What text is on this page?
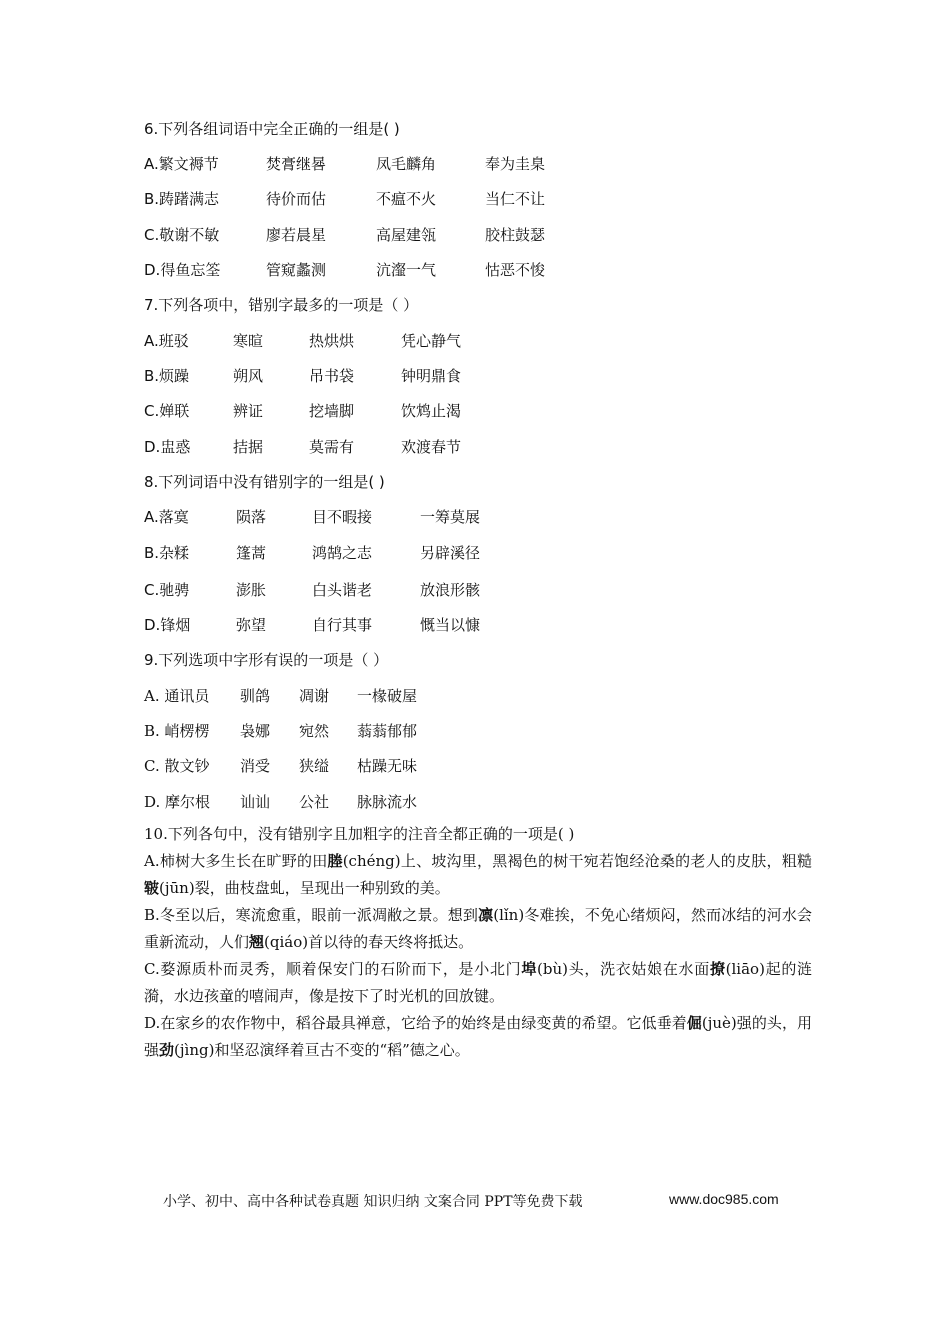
6.下列各组词语中完全正确的一组是( )
A.繁文褥节	焚膏继晷	凤毛麟角	奉为圭臬
B.踌躇满志	待价而估	不瘟不火	当仁不让
C.敬谢不敏	廖若晨星	高屋建瓴	胶柱鼓瑟
D.得鱼忘筌	管窥蠡测	沆瀣一气	怙恶不悛
7.下列各项中，错别字最多的一项是（ ）
A.班驳	寒暄	热烘烘	凭心静气
B.烦躁	朔风	吊书袋	钟明鼎食
C.婵联	辨证	挖墙脚	饮鸩止渴
D.盅惑	拮据	莫需有	欢渡春节
8.下列词语中没有错别字的一组是( )
A.落寞	陨落	目不暇接	一筹莫展
B.杂糅	篷蒿	鸿鹄之志	另辟溪径
C.驰骋	澎胀	白头谐老	放浪形骸
D.锋烟	弥望	自行其事	慨当以慷
9.下列选项中字形有误的一项是（ ）
A. 通讯员 驯鸽 凋谢 一椽破屋
B. 峭楞楞 袅娜 宛然 蓊蓊郁郁
C. 散文钞 消受 狭缢 枯躁无味
D. 摩尔根 讪讪 公社 脉脉流水

10.下列各句中，没有错别字且加粗字的注音全都正确的一项是( )

A.柿树大多生长在旷野的田塍(chéng)上、坡沟里，黑褐色的树干宛若饱经沧桑的老人的皮肤，粗糙皲(jūn)裂，曲枝盘虬，呈现出一种别致的美。

B.冬至以后，寒流愈重，眼前一派凋敝之景。想到凛(lǐn)冬难挨，不免心绪烦闷，然而冰结的河水会重新流动，人们翘(qiáo)首以待的春天终将抵达。

C.婺源质朴而灵秀，顺着保安门的石阶而下，是小北门埠(bù)头，洗衣姑娘在水面撩(liāo)起的涟漪，水边孩童的嘻闹声，像是按下了时光机的回放键。

D.在家乡的农作物中，稻谷最具禅意，它给予的始终是由绿变黄的希望。它低垂着倔(juè)强的头，用强劲(jìng)和坚忍演绎着亘古不变的“稻”德之心。

小学、初中、高中各种试卷真题 知识归纳 文案合同 PPT等免费下载	www.doc985.com
